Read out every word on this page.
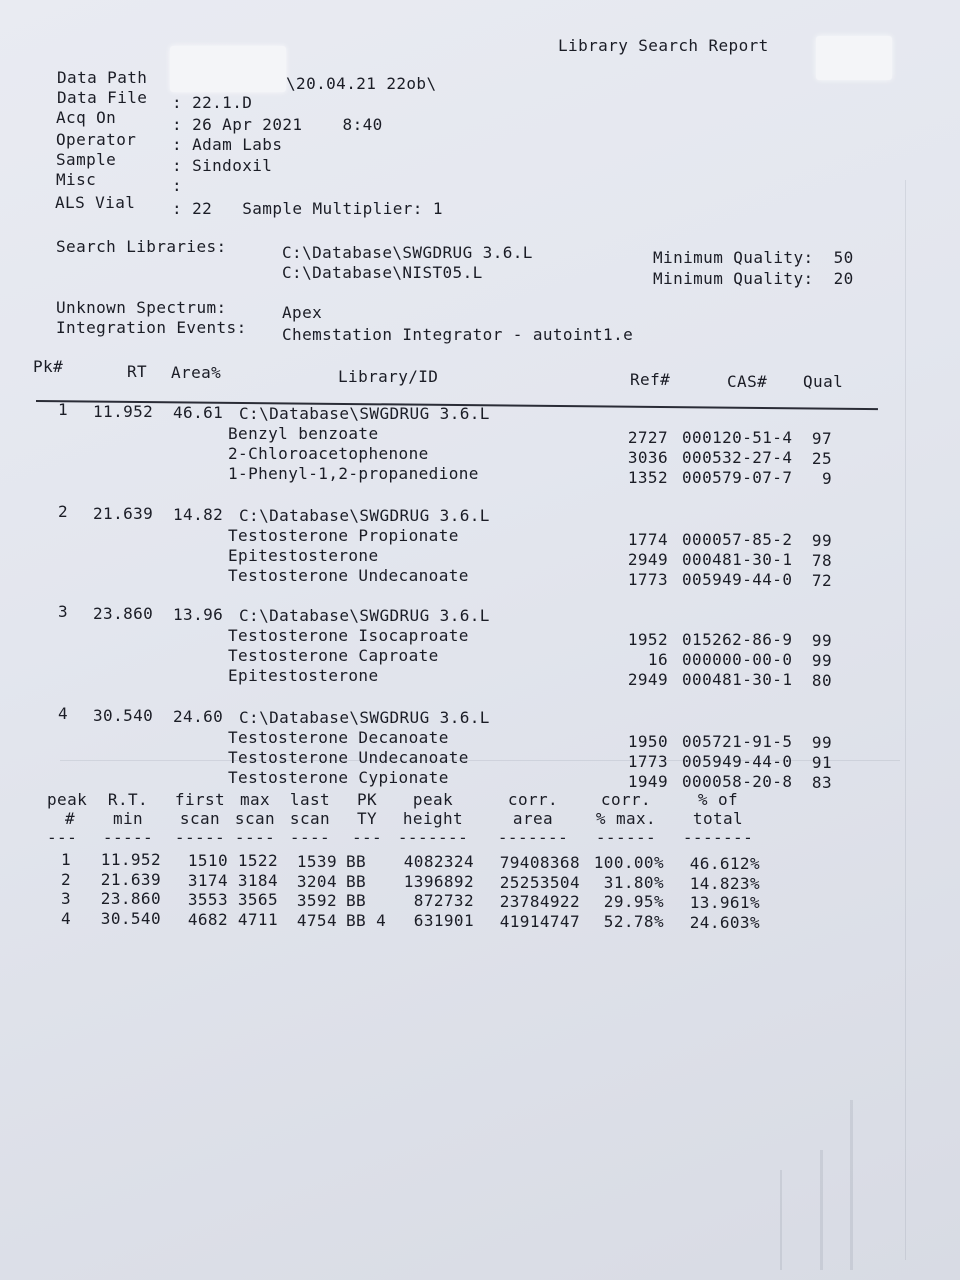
Library Search Report
Data Path	\20.04.21 22ob\
Data File : 22.1.D
Acq On	: 26 Apr 2021    8:40
Operator : Adam Labs
Sample	: Sindoxil
Misc	:
ALS Vial : 22   Sample Multiplier: 1
Search Libraries:	C:\Database\SWGDRUG 3.6.L
C:\Database\NIST05.L
Minimum Quality:  50
Minimum Quality:  20
Unknown Spectrum:	Apex
Integration Events: Chemstation Integrator - autoint1.e
Pk#	RT Area%	Library/ID	Ref#	CAS# Qual
1 11.952 46.61 C:\Database\SWGDRUG 3.6.L
Benzyl benzoate	2727 000120-51-4	97
2-Chloroacetophenone	3036 000532-27-4	25
1-Phenyl-1,2-propanedione	1352 000579-07-7	9
2 21.639 14.82 C:\Database\SWGDRUG 3.6.L
Testosterone Propionate	1774 000057-85-2	99
Epitestosterone	2949 000481-30-1	78
Testosterone Undecanoate	1773 005949-44-0	72
3 23.860 13.96 C:\Database\SWGDRUG 3.6.L
Testosterone Isocaproate	1952 015262-86-9	99
Testosterone Caproate	16 000000-00-0	99
Epitestosterone	2949 000481-30-1	80
4 30.540 24.60 C:\Database\SWGDRUG 3.6.L
Testosterone Decanoate	1950 005721-91-5	99
Testosterone Undecanoate	1773 005949-44-0	91
Testosterone Cypionate	1949 000058-20-8	83
peak	R.T.	first max	last	PK	peak	corr.	corr.	% of
#	min	scan scan scan	TY	height	area	% max.	total
---	-----	----- ---- ----	--- -------	-------	------	-------
1	11.952	1510 1522	1539 BB	4082324	79408368 100.00%	46.612%
2	21.639	3174 3184	3204 BB	1396892	25253504	31.80%	14.823%
3	23.860	3553 3565	3592 BB	872732	23784922	29.95%	13.961%
4	30.540	4682 4711	4754 BB 4	631901	41914747	52.78%	24.603%
